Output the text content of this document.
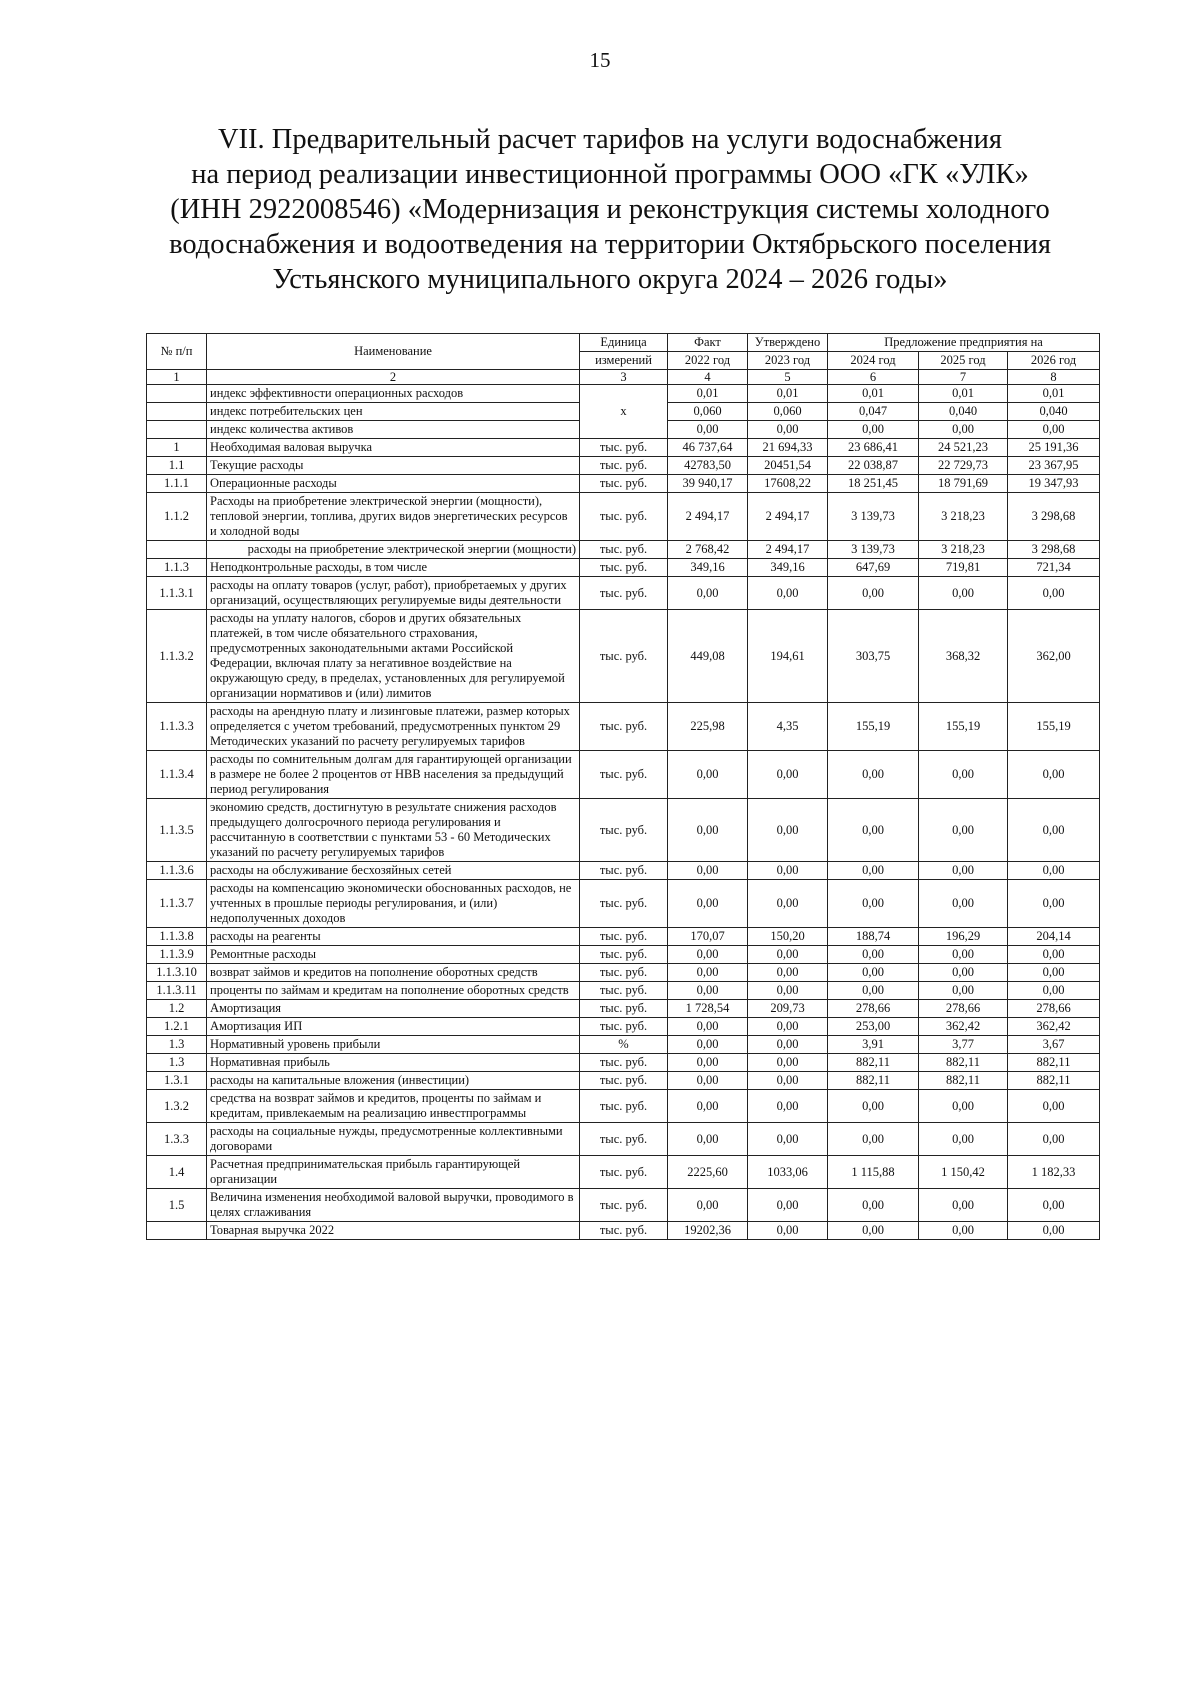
15
VII. Предварительный расчет тарифов на услуги водоснабжения
на период реализации инвестиционной программы ООО «ГК «УЛК»
(ИНН 2922008546) «Модернизация и реконструкция системы холодного
водоснабжения и водоотведения на территории Октябрьского поселения
Устьянского муниципального округа 2024 – 2026 годы»
№ п/п	Наименование	Единица	Факт	Утверждено	Предложение предприятия на		
		измерений	2022 год	2023 год	2024 год	2025 год	2026 год
1	2	3	4	5	6	7	8
	индекс эффективности операционных расходов	х	0,01	0,01	0,01	0,01	0,01
	индекс потребительских цен		0,060	0,060	0,047	0,040	0,040
	индекс количества активов		0,00	0,00	0,00	0,00	0,00
1	Необходимая валовая выручка	тыс. руб.	46 737,64	21 694,33	23 686,41	24 521,23	25 191,36
1.1	Текущие расходы	тыс. руб.	42783,50	20451,54	22 038,87	22 729,73	23 367,95
1.1.1	Операционные расходы	тыс. руб.	39 940,17	17608,22	18 251,45	18 791,69	19 347,93
1.1.2	Расходы на приобретение электрической энергии (мощности), тепловой энергии, топлива, других видов энергетических ресурсов и холодной воды	тыс. руб.	2 494,17	2 494,17	3 139,73	3 218,23	3 298,68
	расходы на приобретение электрической энергии (мощности)	тыс. руб.	2 768,42	2 494,17	3 139,73	3 218,23	3 298,68
1.1.3	Неподконтрольные расходы, в том числе	тыс. руб.	349,16	349,16	647,69	719,81	721,34
1.1.3.1	расходы на оплату товаров (услуг, работ), приобретаемых у других организаций, осуществляющих регулируемые виды деятельности	тыс. руб.	0,00	0,00	0,00	0,00	0,00
1.1.3.2	расходы на уплату налогов, сборов и других обязательных платежей, в том числе обязательного страхования, предусмотренных законодательными актами Российской Федерации, включая плату за негативное воздействие на окружающую среду, в пределах, установленных для регулируемой организации нормативов и (или) лимитов	тыс. руб.	449,08	194,61	303,75	368,32	362,00
1.1.3.3	расходы на арендную плату и лизинговые платежи, размер которых определяется с учетом требований, предусмотренных пунктом 29 Методических указаний по расчету регулируемых тарифов	тыс. руб.	225,98	4,35	155,19	155,19	155,19
1.1.3.4	расходы по сомнительным долгам для гарантирующей организации в размере не более 2 процентов от НВВ населения за предыдущий период регулирования	тыс. руб.	0,00	0,00	0,00	0,00	0,00
1.1.3.5	экономию средств, достигнутую в результате снижения расходов предыдущего долгосрочного периода регулирования и рассчитанную в соответствии с пунктами 53 - 60 Методических указаний по расчету регулируемых тарифов	тыс. руб.	0,00	0,00	0,00	0,00	0,00
1.1.3.6	расходы на обслуживание бесхозяйных сетей	тыс. руб.	0,00	0,00	0,00	0,00	0,00
1.1.3.7	расходы на компенсацию экономически обоснованных расходов, не учтенных в прошлые периоды регулирования, и (или) недополученных доходов	тыс. руб.	0,00	0,00	0,00	0,00	0,00
1.1.3.8	расходы на реагенты	тыс. руб.	170,07	150,20	188,74	196,29	204,14
1.1.3.9	Ремонтные расходы	тыс. руб.	0,00	0,00	0,00	0,00	0,00
1.1.3.10	возврат займов и кредитов на пополнение оборотных средств	тыс. руб.	0,00	0,00	0,00	0,00	0,00
1.1.3.11	проценты по займам и кредитам на пополнение оборотных средств	тыс. руб.	0,00	0,00	0,00	0,00	0,00
1.2	Амортизация	тыс. руб.	1 728,54	209,73	278,66	278,66	278,66
1.2.1	Амортизация ИП	тыс. руб.	0,00	0,00	253,00	362,42	362,42
1.3	Нормативный уровень прибыли	%	0,00	0,00	3,91	3,77	3,67
1.3	Нормативная прибыль	тыс. руб.	0,00	0,00	882,11	882,11	882,11
1.3.1	расходы на капитальные вложения (инвестиции)	тыс. руб.	0,00	0,00	882,11	882,11	882,11
1.3.2	средства на возврат займов и кредитов, проценты по займам и кредитам, привлекаемым на реализацию инвестпрограммы	тыс. руб.	0,00	0,00	0,00	0,00	0,00
1.3.3	расходы на социальные нужды, предусмотренные коллективными договорами	тыс. руб.	0,00	0,00	0,00	0,00	0,00
1.4	Расчетная предпринимательская прибыль гарантирующей организации	тыс. руб.	2225,60	1033,06	1 115,88	1 150,42	1 182,33
1.5	Величина изменения необходимой валовой выручки, проводимого в целях сглаживания	тыс. руб.	0,00	0,00	0,00	0,00	0,00
	Товарная выручка 2022	тыс. руб.	19202,36	0,00	0,00	0,00	0,00
